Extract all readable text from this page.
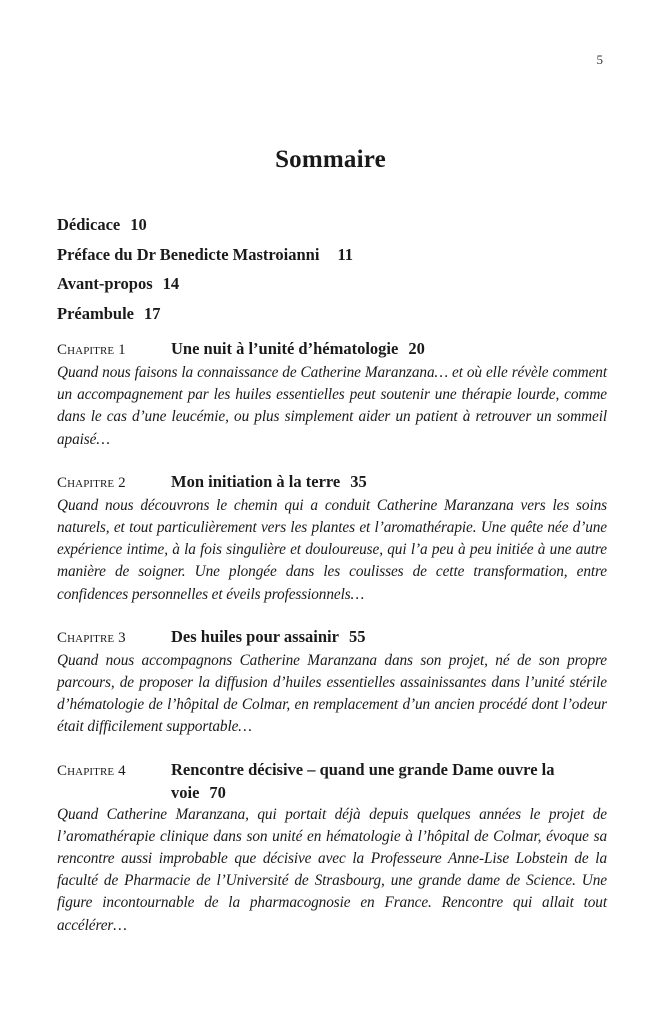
5
Sommaire
Dédicace 10
Préface du Dr Benedicte Mastroianni 11
Avant-propos 14
Préambule 17
Chapitre 1	Une nuit à l’unité d’hématologie 20
Quand nous faisons la connaissance de Catherine Maranzana… et où elle révèle comment un accompagnement par les huiles essentielles peut soutenir une thérapie lourde, comme dans le cas d’une leucémie, ou plus simplement aider un patient à retrouver un sommeil apaisé…
Chapitre 2	Mon initiation à la terre 35
Quand nous découvrons le chemin qui a conduit Catherine Maranzana vers les soins naturels, et tout particulièrement vers les plantes et l’aromathérapie. Une quête née d’une expérience intime, à la fois singulière et douloureuse, qui l’a peu à peu initiée à une autre manière de soigner. Une plongée dans les coulisses de cette transformation, entre confidences personnelles et éveils professionnels…
Chapitre 3	Des huiles pour assainir 55
Quand nous accompagnons Catherine Maranzana dans son projet, né de son propre parcours, de proposer la diffusion d’huiles essentielles assainissantes dans l’unité stérile d’hématologie de l’hôpital de Colmar, en remplacement d’un ancien procédé dont l’odeur était difficilement supportable…
Chapitre 4	Rencontre décisive – quand une grande Dame ouvre la voie 70
Quand Catherine Maranzana, qui portait déjà depuis quelques années le projet de l’aromathérapie clinique dans son unité en hématologie à l’hôpital de Colmar, évoque sa rencontre aussi improbable que décisive avec la Professeure Anne-Lise Lobstein de la faculté de Pharmacie de l’Université de Strasbourg, une grande dame de Science. Une figure incontournable de la pharmacognosie en France. Rencontre qui allait tout accélérer…
